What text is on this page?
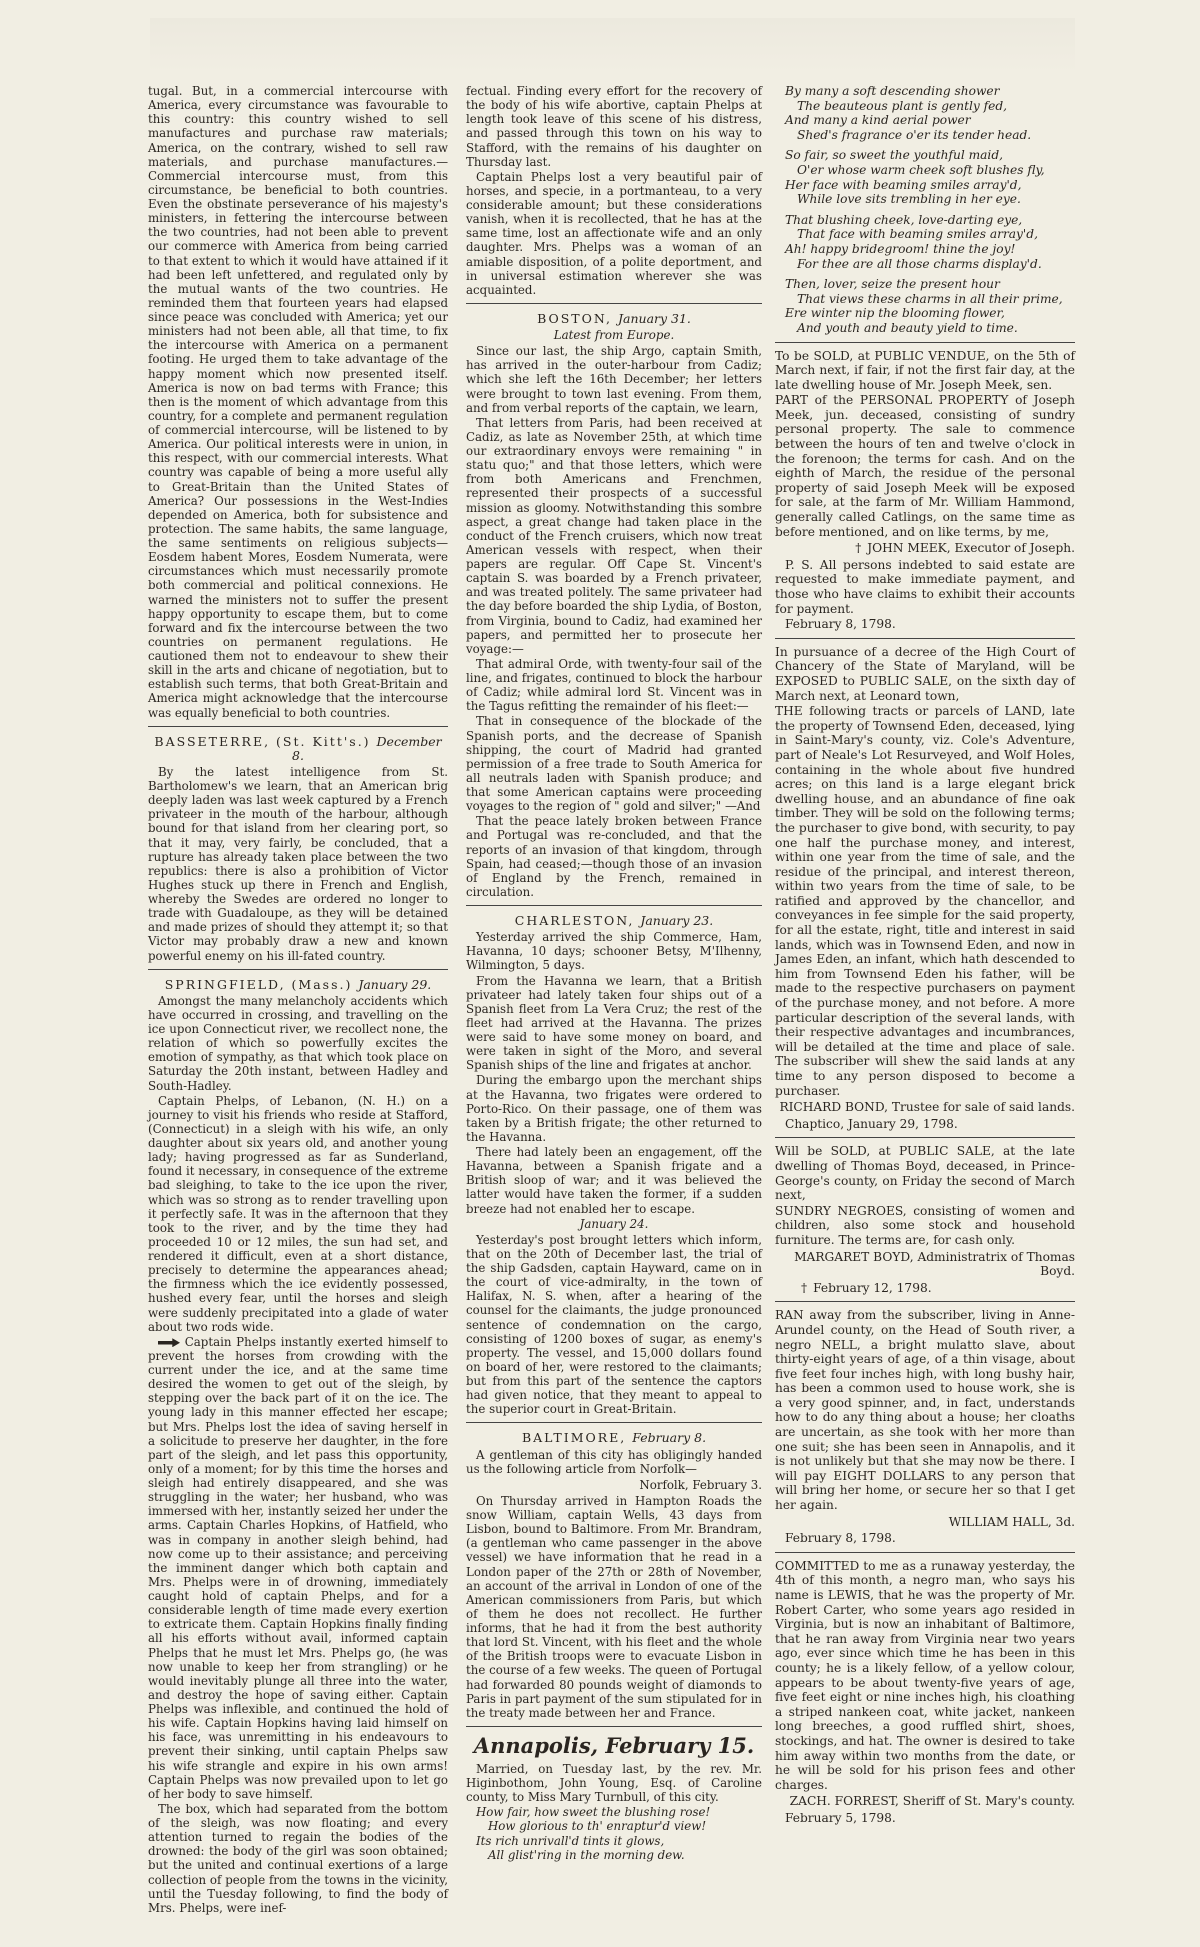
tugal. But, in a commercial intercourse with America, every circumstance was favourable to this country: this country wished to sell manufactures and purchase raw materials; America, on the contrary, wished to sell raw materials, and purchase manufactures.—Commercial intercourse must, from this circumstance, be beneficial to both countries. Even the obstinate perseverance of his majesty's ministers, in fettering the intercourse between the two countries, had not been able to prevent our commerce with America from being carried to that extent to which it would have attained if it had been left unfettered, and regulated only by the mutual wants of the two countries. He reminded them that fourteen years had elapsed since peace was concluded with America; yet our ministers had not been able, all that time, to fix the intercourse with America on a permanent footing. He urged them to take advantage of the happy moment which now presented itself. America is now on bad terms with France; this then is the moment of which advantage from this country, for a complete and permanent regulation of commercial intercourse, will be listened to by America. Our political interests were in union, in this respect, with our commercial interests. What country was capable of being a more useful ally to Great-Britain than the United States of America? Our possessions in the West-Indies depended on America, both for subsistence and protection. The same habits, the same language, the same sentiments on religious subjects—Eosdem habent Mores, Eosdem Numerata, were circumstances which must necessarily promote both commercial and political connexions. He warned the ministers not to suffer the present happy opportunity to escape them, but to come forward and fix the intercourse between the two countries on permanent regulations. He cautioned them not to endeavour to shew their skill in the arts and chicane of negotiation, but to establish such terms, that both Great-Britain and America might acknowledge that the intercourse was equally beneficial to both countries.

BASSETERRE, (St. Kitt's.) December 8.

By the latest intelligence from St. Bartholomew's we learn, that an American brig deeply laden was last week captured by a French privateer in the mouth of the harbour, although bound for that island from her clearing port, so that it may, very fairly, be concluded, that a rupture has already taken place between the two republics: there is also a prohibition of Victor Hughes stuck up there in French and English, whereby the Swedes are ordered no longer to trade with Guadaloupe, as they will be detained and made prizes of should they attempt it; so that Victor may probably draw a new and known powerful enemy on his ill-fated country.

SPRINGFIELD, (Mass.) January 29.

Amongst the many melancholy accidents which have occurred in crossing, and travelling on the ice upon Connecticut river, we recollect none, the relation of which so powerfully excites the emotion of sympathy, as that which took place on Saturday the 20th instant, between Hadley and South-Hadley.

Captain Phelps, of Lebanon, (N. H.) on a journey to visit his friends who reside at Stafford, (Connecticut) in a sleigh with his wife, an only daughter about six years old, and another young lady; having progressed as far as Sunderland, found it necessary, in consequence of the extreme bad sleighing, to take to the ice upon the river, which was so strong as to render travelling upon it perfectly safe. It was in the afternoon that they took to the river, and by the time they had proceeded 10 or 12 miles, the sun had set, and rendered it difficult, even at a short distance, precisely to determine the appearances ahead; the firmness which the ice evidently possessed, hushed every fear, until the horses and sleigh were suddenly precipitated into a glade of water about two rods wide.

Captain Phelps instantly exerted himself to prevent the horses from crowding with the current under the ice, and at the same time desired the women to get out of the sleigh, by stepping over the back part of it on the ice. The young lady in this manner effected her escape; but Mrs. Phelps lost the idea of saving herself in a solicitude to preserve her daughter, in the fore part of the sleigh, and let pass this opportunity, only of a moment; for by this time the horses and sleigh had entirely disappeared, and she was struggling in the water; her husband, who was immersed with her, instantly seized her under the arms. Captain Charles Hopkins, of Hatfield, who was in company in another sleigh behind, had now come up to their assistance; and perceiving the imminent danger which both captain and Mrs. Phelps were in of drowning, immediately caught hold of captain Phelps, and for a considerable length of time made every exertion to extricate them. Captain Hopkins finally finding all his efforts without avail, informed captain Phelps that he must let Mrs. Phelps go, (he was now unable to keep her from strangling) or he would inevitably plunge all three into the water, and destroy the hope of saving either. Captain Phelps was inflexible, and continued the hold of his wife. Captain Hopkins having laid himself on his face, was unremitting in his endeavours to prevent their sinking, until captain Phelps saw his wife strangle and expire in his own arms! Captain Phelps was now prevailed upon to let go of her body to save himself.

The box, which had separated from the bottom of the sleigh, was now floating; and every attention turned to regain the bodies of the drowned: the body of the girl was soon obtained; but the united and continual exertions of a large collection of people from the towns in the vicinity, until the Tuesday following, to find the body of Mrs. Phelps, were inef-

fectual. Finding every effort for the recovery of the body of his wife abortive, captain Phelps at length took leave of this scene of his distress, and passed through this town on his way to Stafford, with the remains of his daughter on Thursday last.

Captain Phelps lost a very beautiful pair of horses, and specie, in a portmanteau, to a very considerable amount; but these considerations vanish, when it is recollected, that he has at the same time, lost an affectionate wife and an only daughter. Mrs. Phelps was a woman of an amiable disposition, of a polite deportment, and in universal estimation wherever she was acquainted.

BOSTON, January 31.

Latest from Europe.

Since our last, the ship Argo, captain Smith, has arrived in the outer-harbour from Cadiz; which she left the 16th December; her letters were brought to town last evening. From them, and from verbal reports of the captain, we learn,

That letters from Paris, had been received at Cadiz, as late as November 25th, at which time our extraordinary envoys were remaining " in statu quo;" and that those letters, which were from both Americans and Frenchmen, represented their prospects of a successful mission as gloomy. Notwithstanding this sombre aspect, a great change had taken place in the conduct of the French cruisers, which now treat American vessels with respect, when their papers are regular. Off Cape St. Vincent's captain S. was boarded by a French privateer, and was treated politely. The same privateer had the day before boarded the ship Lydia, of Boston, from Virginia, bound to Cadiz, had examined her papers, and permitted her to prosecute her voyage:—

That admiral Orde, with twenty-four sail of the line, and frigates, continued to block the harbour of Cadiz; while admiral lord St. Vincent was in the Tagus refitting the remainder of his fleet:—

That in consequence of the blockade of the Spanish ports, and the decrease of Spanish shipping, the court of Madrid had granted permission of a free trade to South America for all neutrals laden with Spanish produce; and that some American captains were proceeding voyages to the region of " gold and silver;" —And

That the peace lately broken between France and Portugal was re-concluded, and that the reports of an invasion of that kingdom, through Spain, had ceased;—though those of an invasion of England by the French, remained in circulation.

CHARLESTON, January 23.

Yesterday arrived the ship Commerce, Ham, Havanna, 10 days; schooner Betsy, M'Ilhenny, Wilmington, 5 days.

From the Havanna we learn, that a British privateer had lately taken four ships out of a Spanish fleet from La Vera Cruz; the rest of the fleet had arrived at the Havanna. The prizes were said to have some money on board, and were taken in sight of the Moro, and several Spanish ships of the line and frigates at anchor.

During the embargo upon the merchant ships at the Havanna, two frigates were ordered to Porto-Rico. On their passage, one of them was taken by a British frigate; the other returned to the Havanna.

There had lately been an engagement, off the Havanna, between a Spanish frigate and a British sloop of war; and it was believed the latter would have taken the former, if a sudden breeze had not enabled her to escape.

January 24.

Yesterday's post brought letters which inform, that on the 20th of December last, the trial of the ship Gadsden, captain Hayward, came on in the court of vice-admiralty, in the town of Halifax, N. S. when, after a hearing of the counsel for the claimants, the judge pronounced sentence of condemnation on the cargo, consisting of 1200 boxes of sugar, as enemy's property. The vessel, and 15,000 dollars found on board of her, were restored to the claimants; but from this part of the sentence the captors had given notice, that they meant to appeal to the superior court in Great-Britain.

BALTIMORE, February 8.

A gentleman of this city has obligingly handed us the following article from Norfolk—

Norfolk, February 3.

On Thursday arrived in Hampton Roads the snow William, captain Wells, 43 days from Lisbon, bound to Baltimore. From Mr. Brandram, (a gentleman who came passenger in the above vessel) we have information that he read in a London paper of the 27th or 28th of November, an account of the arrival in London of one of the American commissioners from Paris, but which of them he does not recollect. He further informs, that he had it from the best authority that lord St. Vincent, with his fleet and the whole of the British troops were to evacuate Lisbon in the course of a few weeks. The queen of Portugal had forwarded 80 pounds weight of diamonds to Paris in part payment of the sum stipulated for in the treaty made between her and France.

Annapolis, February 15.

Married, on Tuesday last, by the rev. Mr. Higinbothom, John Young, Esq. of Caroline county, to Miss Mary Turnbull, of this city.

How fair, how sweet the blushing rose!

How glorious to th' enraptur'd view!

Its rich unrivall'd tints it glows,

All glist'ring in the morning dew.

By many a soft descending shower

The beauteous plant is gently fed,

And many a kind aerial power

Shed's fragrance o'er its tender head.

So fair, so sweet the youthful maid,

O'er whose warm cheek soft blushes fly,

Her face with beaming smiles array'd,

While love sits trembling in her eye.

That blushing cheek, love-darting eye,

That face with beaming smiles array'd,

Ah! happy bridegroom! thine the joy!

For thee are all those charms display'd.

Then, lover, seize the present hour

That views these charms in all their prime,

Ere winter nip the blooming flower,

And youth and beauty yield to time.

To be SOLD, at PUBLIC VENDUE, on the 5th of March next, if fair, if not the first fair day, at the late dwelling house of Mr. Joseph Meek, sen.

PART of the PERSONAL PROPERTY of Joseph Meek, jun. deceased, consisting of sundry personal property. The sale to commence between the hours of ten and twelve o'clock in the forenoon; the terms for cash. And on the eighth of March, the residue of the personal property of said Joseph Meek will be exposed for sale, at the farm of Mr. William Hammond, generally called Catlings, on the same time as before mentioned, and on like terms, by me,

† JOHN MEEK, Executor of Joseph.

P. S. All persons indebted to said estate are requested to make immediate payment, and those who have claims to exhibit their accounts for payment.

February 8, 1798.

In pursuance of a decree of the High Court of Chancery of the State of Maryland, will be EXPOSED to PUBLIC SALE, on the sixth day of March next, at Leonard town,

THE following tracts or parcels of LAND, late the property of Townsend Eden, deceased, lying in Saint-Mary's county, viz. Cole's Adventure, part of Neale's Lot Resurveyed, and Wolf Holes, containing in the whole about five hundred acres; on this land is a large elegant brick dwelling house, and an abundance of fine oak timber. They will be sold on the following terms; the purchaser to give bond, with security, to pay one half the purchase money, and interest, within one year from the time of sale, and the residue of the principal, and interest thereon, within two years from the time of sale, to be ratified and approved by the chancellor, and conveyances in fee simple for the said property, for all the estate, right, title and interest in said lands, which was in Townsend Eden, and now in James Eden, an infant, which hath descended to him from Townsend Eden his father, will be made to the respective purchasers on payment of the purchase money, and not before. A more particular description of the several lands, with their respective advantages and incumbrances, will be detailed at the time and place of sale. The subscriber will shew the said lands at any time to any person disposed to become a purchaser.

RICHARD BOND, Trustee for sale of said lands.

Chaptico, January 29, 1798.

Will be SOLD, at PUBLIC SALE, at the late dwelling of Thomas Boyd, deceased, in Prince-George's county, on Friday the second of March next,

SUNDRY NEGROES, consisting of women and children, also some stock and household furniture. The terms are, for cash only.

MARGARET BOYD, Administratrix of Thomas Boyd.

† February 12, 1798.

RAN away from the subscriber, living in Anne-Arundel county, on the Head of South river, a negro NELL, a bright mulatto slave, about thirty-eight years of age, of a thin visage, about five feet four inches high, with long bushy hair, has been a common used to house work, she is a very good spinner, and, in fact, understands how to do any thing about a house; her cloaths are uncertain, as she took with her more than one suit; she has been seen in Annapolis, and it is not unlikely but that she may now be there. I will pay EIGHT DOLLARS to any person that will bring her home, or secure her so that I get her again.

WILLIAM HALL, 3d.

February 8, 1798.

COMMITTED to me as a runaway yesterday, the 4th of this month, a negro man, who says his name is LEWIS, that he was the property of Mr. Robert Carter, who some years ago resided in Virginia, but is now an inhabitant of Baltimore, that he ran away from Virginia near two years ago, ever since which time he has been in this county; he is a likely fellow, of a yellow colour, appears to be about twenty-five years of age, five feet eight or nine inches high, his cloathing a striped nankeen coat, white jacket, nankeen long breeches, a good ruffled shirt, shoes, stockings, and hat. The owner is desired to take him away within two months from the date, or he will be sold for his prison fees and other charges.

ZACH. FORREST, Sheriff of St. Mary's county.

February 5, 1798.
